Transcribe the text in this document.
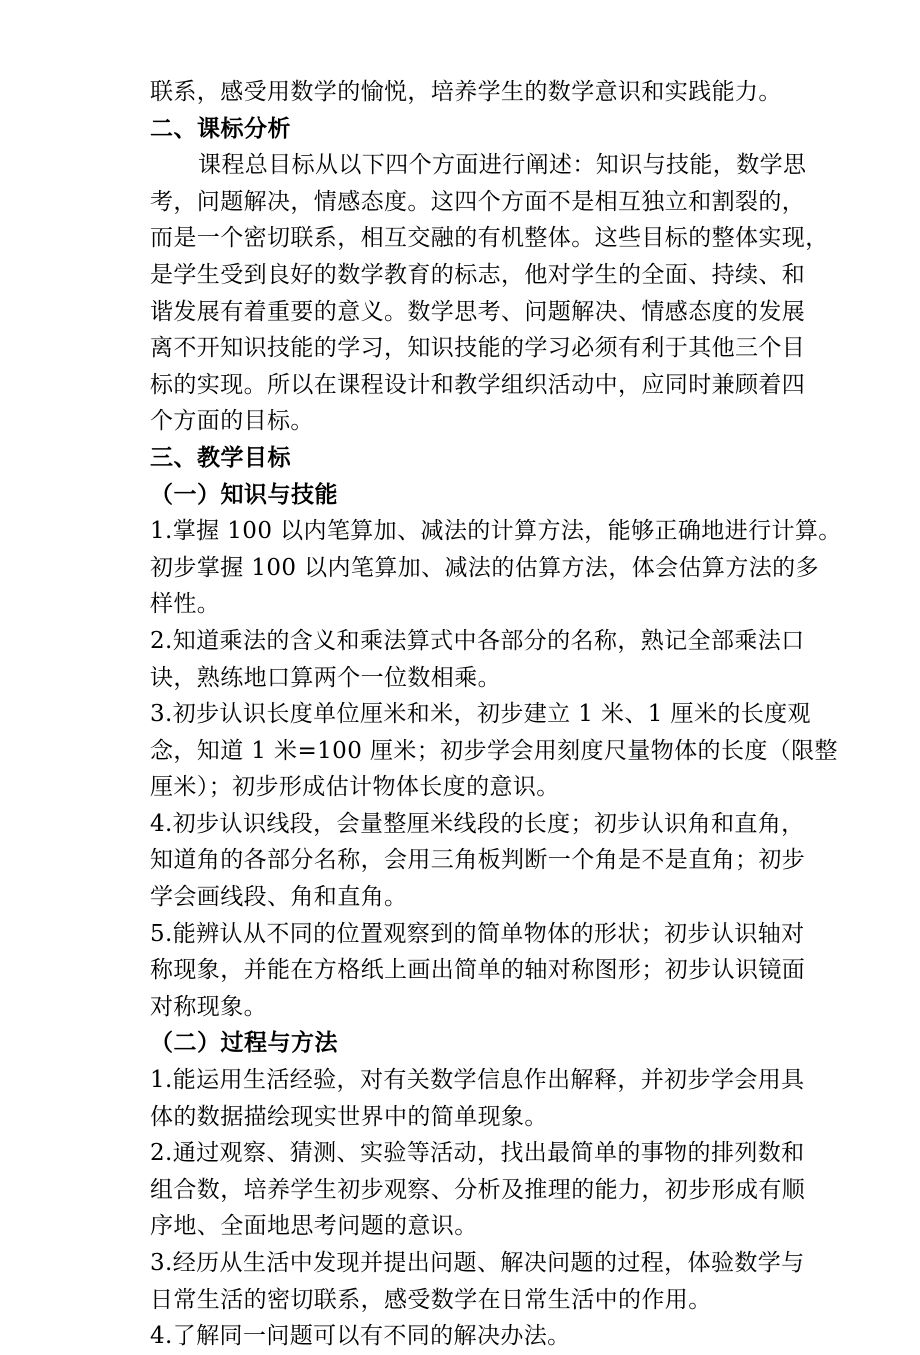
联系，感受用数学的愉悦，培养学生的数学意识和实践能力。
二、课标分析
课程总目标从以下四个方面进行阐述：知识与技能，数学思
考，问题解决，情感态度。这四个方面不是相互独立和割裂的，
而是一个密切联系，相互交融的有机整体。这些目标的整体实现，
是学生受到良好的数学教育的标志，他对学生的全面、持续、和
谐发展有着重要的意义。数学思考、问题解决、情感态度的发展
离不开知识技能的学习，知识技能的学习必须有利于其他三个目
标的实现。所以在课程设计和教学组织活动中，应同时兼顾着四
个方面的目标。
三、教学目标
（一）知识与技能
1.掌握 100 以内笔算加、减法的计算方法，能够正确地进行计算。
初步掌握 100 以内笔算加、减法的估算方法，体会估算方法的多
样性。
2.知道乘法的含义和乘法算式中各部分的名称，熟记全部乘法口
诀，熟练地口算两个一位数相乘。
3.初步认识长度单位厘米和米，初步建立 1 米、1 厘米的长度观
念，知道 1 米=100 厘米；初步学会用刻度尺量物体的长度（限整
厘米）；初步形成估计物体长度的意识。
4.初步认识线段，会量整厘米线段的长度；初步认识角和直角，
知道角的各部分名称，会用三角板判断一个角是不是直角；初步
学会画线段、角和直角。
5.能辨认从不同的位置观察到的简单物体的形状；初步认识轴对
称现象，并能在方格纸上画出简单的轴对称图形；初步认识镜面
对称现象。
（二）过程与方法
1.能运用生活经验，对有关数学信息作出解释，并初步学会用具
体的数据描绘现实世界中的简单现象。
2.通过观察、猜测、实验等活动，找出最简单的事物的排列数和
组合数，培养学生初步观察、分析及推理的能力，初步形成有顺
序地、全面地思考问题的意识。
3.经历从生活中发现并提出问题、解决问题的过程，体验数学与
日常生活的密切联系，感受数学在日常生活中的作用。
4.了解同一问题可以有不同的解决办法。
